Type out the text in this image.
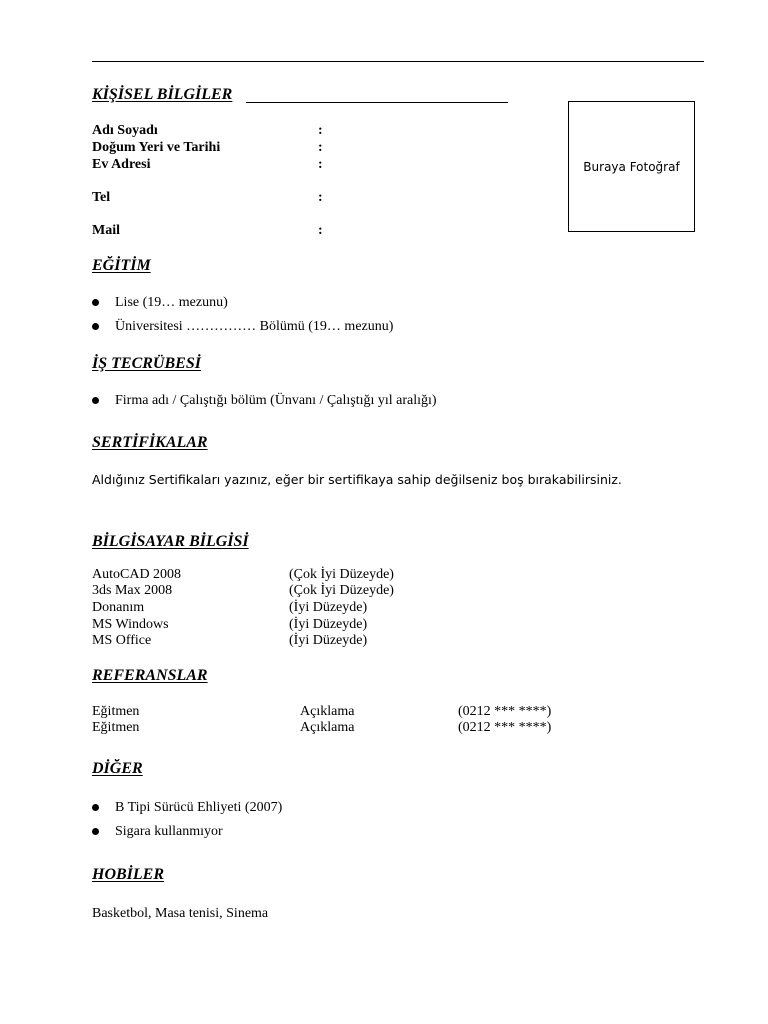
KİŞİSEL BİLGİLER
Adı Soyadı	:
Doğum Yeri ve Tarihi	:
Ev Adresi	:
Tel	:
Mail	:
Buraya Fotoğraf
EĞİTİM
Lise (19… mezunu)
Üniversitesi …………… Bölümü (19… mezunu)
İŞ TECRÜBESİ
Firma adı / Çalıştığı bölüm (Ünvanı / Çalıştığı yıl aralığı)
SERTİFİKALAR
Aldığınız Sertifikaları yazınız, eğer bir sertifikaya sahip değilseniz boş bırakabilirsiniz.
BİLGİSAYAR BİLGİSİ
AutoCAD 2008	(Çok İyi Düzeyde)
3ds Max 2008	(Çok İyi Düzeyde)
Donanım	(İyi Düzeyde)
MS Windows	(İyi Düzeyde)
MS Office	(İyi Düzeyde)
REFERANSLAR
Eğitmen	Açıklama	(0212 *** ****)
Eğitmen	Açıklama	(0212 *** ****)
DİĞER
B Tipi Sürücü Ehliyeti (2007)
Sigara kullanmıyor
HOBİLER
Basketbol, Masa tenisi, Sinema
